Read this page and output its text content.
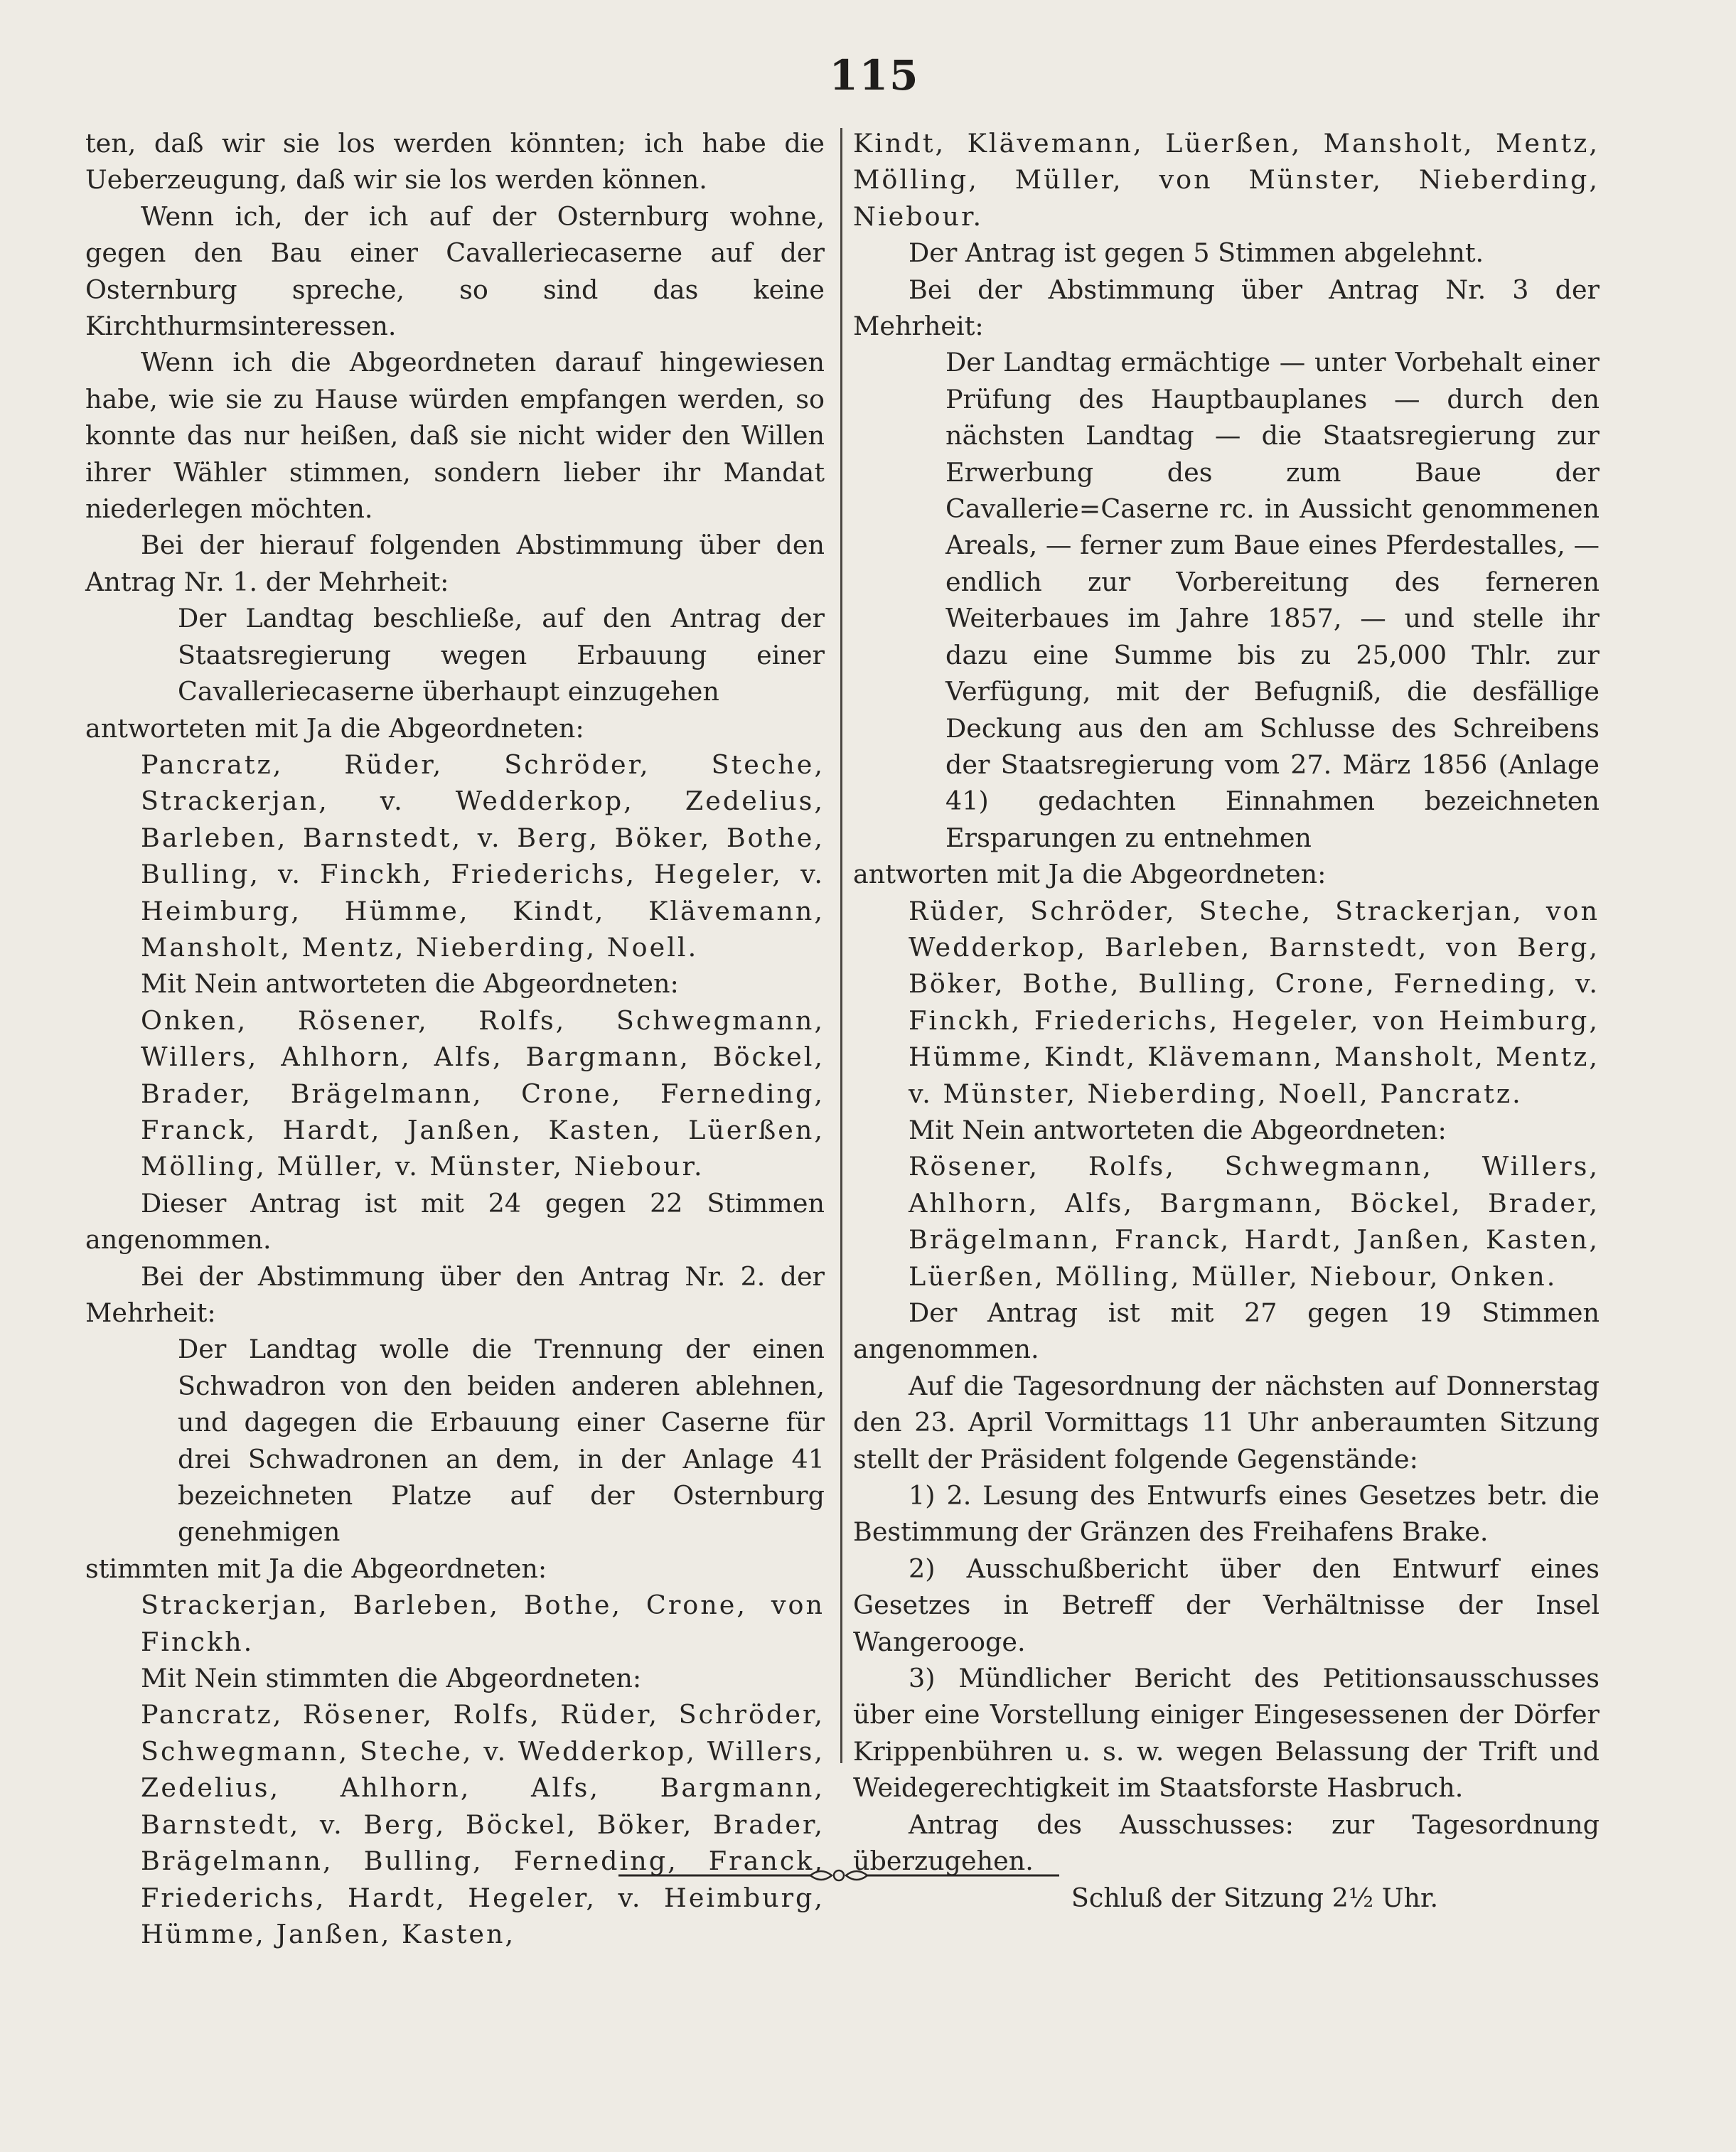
115

ten, daß wir sie los werden könnten; ich habe die Ueberzeugung, daß wir sie los werden können.

Wenn ich, der ich auf der Osternburg wohne, gegen den Bau einer Cavalleriecaserne auf der Osternburg spreche, so sind das keine Kirchthurmsinteressen.

Wenn ich die Abgeordneten darauf hingewiesen habe, wie sie zu Hause würden empfangen werden, so konnte das nur heißen, daß sie nicht wider den Willen ihrer Wähler stimmen, sondern lieber ihr Mandat niederlegen möchten.

Bei der hierauf folgenden Abstimmung über den Antrag Nr. 1. der Mehrheit:

Der Landtag beschließe, auf den Antrag der Staatsregierung wegen Erbauung einer Cavalleriecaserne überhaupt einzugehen

antworteten mit Ja die Abgeordneten:

Pancratz, Rüder, Schröder, Steche, Strackerjan, v. Wedderkop, Zedelius, Barleben, Barnstedt, v. Berg, Böker, Bothe, Bulling, v. Finckh, Friederichs, Hegeler, v. Heimburg, Hümme, Kindt, Klävemann, Mansholt, Mentz, Nieberding, Noell.

Mit Nein antworteten die Abgeordneten:

Onken, Rösener, Rolfs, Schwegmann, Willers, Ahlhorn, Alfs, Bargmann, Böckel, Brader, Brägelmann, Crone, Ferneding, Franck, Hardt, Janßen, Kasten, Lüerßen, Mölling, Müller, v. Münster, Niebour.

Dieser Antrag ist mit 24 gegen 22 Stimmen angenommen.

Bei der Abstimmung über den Antrag Nr. 2. der Mehrheit:

Der Landtag wolle die Trennung der einen Schwadron von den beiden anderen ablehnen, und dagegen die Erbauung einer Caserne für drei Schwadronen an dem, in der Anlage 41 bezeichneten Platze auf der Osternburg genehmigen

stimmten mit Ja die Abgeordneten:

Strackerjan, Barleben, Bothe, Crone, von Finckh.

Mit Nein stimmten die Abgeordneten:

Pancratz, Rösener, Rolfs, Rüder, Schröder, Schwegmann, Steche, v. Wedderkop, Willers, Zedelius, Ahlhorn, Alfs, Bargmann, Barnstedt, v. Berg, Böckel, Böker, Brader, Brägelmann, Bulling, Ferneding, Franck, Friederichs, Hardt, Hegeler, v. Heimburg, Hümme, Janßen, Kasten,

Kindt, Klävemann, Lüerßen, Mansholt, Mentz, Mölling, Müller, von Münster, Nieberding, Niebour.

Der Antrag ist gegen 5 Stimmen abgelehnt.

Bei der Abstimmung über Antrag Nr. 3 der Mehrheit:

Der Landtag ermächtige — unter Vorbehalt einer Prüfung des Hauptbauplanes — durch den nächsten Landtag — die Staatsregierung zur Erwerbung des zum Baue der Cavallerie=Caserne rc. in Aussicht genommenen Areals, — ferner zum Baue eines Pferdestalles, — endlich zur Vorbereitung des ferneren Weiterbaues im Jahre 1857, — und stelle ihr dazu eine Summe bis zu 25,000 Thlr. zur Verfügung, mit der Befugniß, die desfällige Deckung aus den am Schlusse des Schreibens der Staatsregierung vom 27. März 1856 (Anlage 41) gedachten Einnahmen bezeichneten Ersparungen zu entnehmen

antworten mit Ja die Abgeordneten:

Rüder, Schröder, Steche, Strackerjan, von Wedderkop, Barleben, Barnstedt, von Berg, Böker, Bothe, Bulling, Crone, Ferneding, v. Finckh, Friederichs, Hegeler, von Heimburg, Hümme, Kindt, Klävemann, Mansholt, Mentz, v. Münster, Nieberding, Noell, Pancratz.

Mit Nein antworteten die Abgeordneten:

Rösener, Rolfs, Schwegmann, Willers, Ahlhorn, Alfs, Bargmann, Böckel, Brader, Brägelmann, Franck, Hardt, Janßen, Kasten, Lüerßen, Mölling, Müller, Niebour, Onken.

Der Antrag ist mit 27 gegen 19 Stimmen angenommen.

Auf die Tagesordnung der nächsten auf Donnerstag den 23. April Vormittags 11 Uhr anberaumten Sitzung stellt der Präsident folgende Gegenstände:

1) 2. Lesung des Entwurfs eines Gesetzes betr. die Bestimmung der Gränzen des Freihafens Brake.

2) Ausschußbericht über den Entwurf eines Gesetzes in Betreff der Verhältnisse der Insel Wangerooge.

3) Mündlicher Bericht des Petitionsausschusses über eine Vorstellung einiger Eingesessenen der Dörfer Krippenbühren u. s. w. wegen Belassung der Trift und Weidegerechtigkeit im Staatsforste Hasbruch.

Antrag des Ausschusses: zur Tagesordnung überzugehen.

Schluß der Sitzung 2½ Uhr.
